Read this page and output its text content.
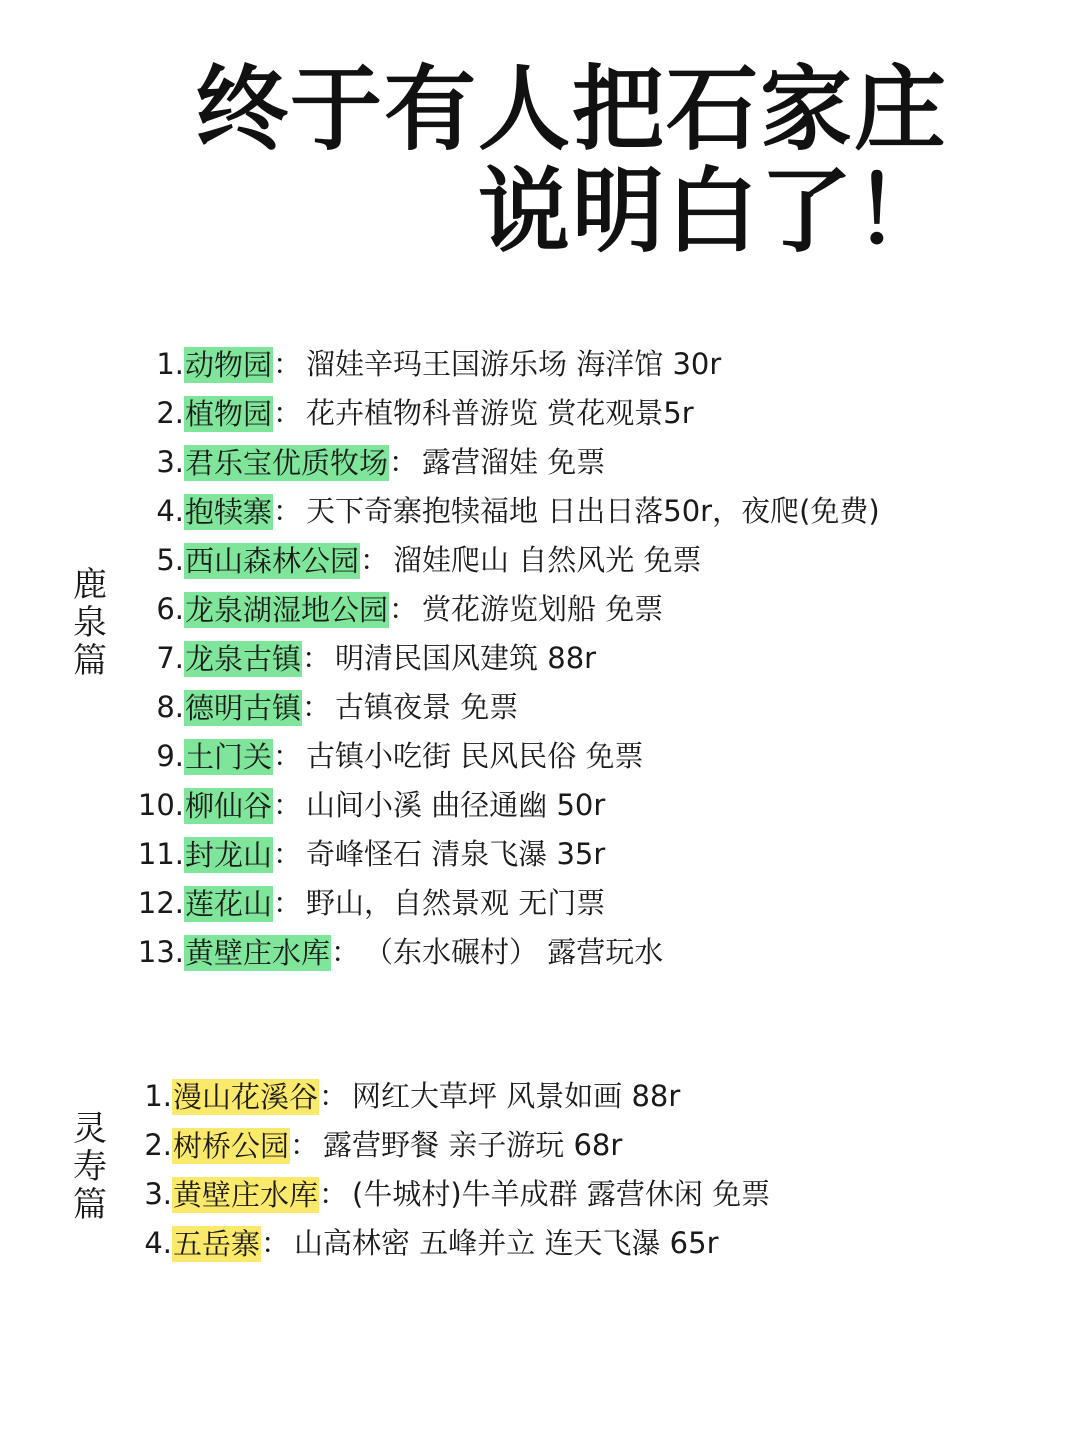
终于有人把石家庄
说明白了！
鹿
泉
篇
1. 动物园 ： 溜娃辛玛王国游乐场 海洋馆 30r
2. 植物园 ： 花卉植物科普游览 赏花观景5r
3. 君乐宝优质牧场 ： 露营溜娃 免票
4. 抱犊寨 ： 天下奇寨抱犊福地 日出日落50r，夜爬(免费)
5. 西山森林公园 ： 溜娃爬山 自然风光 免票
6. 龙泉湖湿地公园 ： 赏花游览划船 免票
7. 龙泉古镇 ： 明清民国风建筑 88r
8. 德明古镇 ： 古镇夜景 免票
9. 土门关 ： 古镇小吃街 民风民俗 免票
10. 柳仙谷 ： 山间小溪 曲径通幽 50r
11. 封龙山 ： 奇峰怪石 清泉飞瀑 35r
12. 莲花山 ： 野山，自然景观 无门票
13. 黄壁庄水库 ： （东水碾村） 露营玩水
灵
寿
篇
1. 漫山花溪谷 ： 网红大草坪 风景如画 88r
2. 树桥公园 ： 露营野餐 亲子游玩 68r
3. 黄壁庄水库 ： (牛城村)牛羊成群 露营休闲 免票
4. 五岳寨 ： 山高林密 五峰并立 连天飞瀑 65r
